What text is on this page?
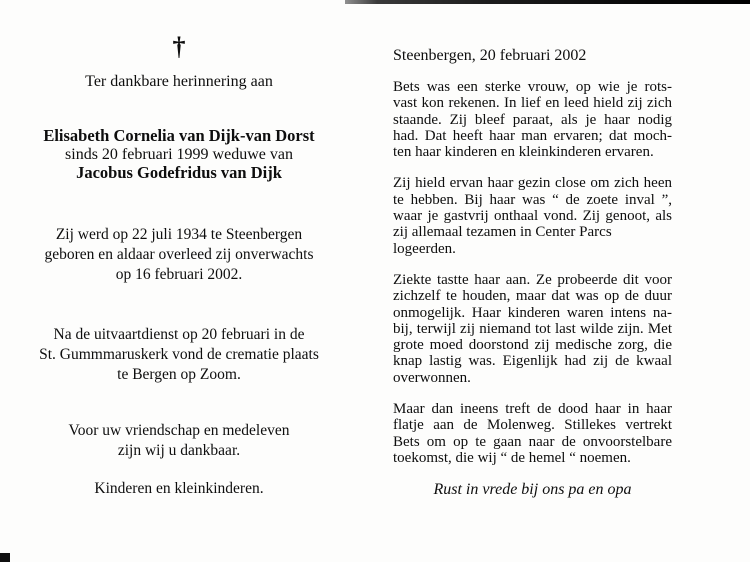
†
Ter dankbare herinnering aan
Elisabeth Cornelia van Dijk-van Dorst
sinds 20 februari 1999 weduwe van
Jacobus Godefridus van Dijk
Zij werd op 22 juli 1934 te Steenbergen
geboren en aldaar overleed zij onverwachts
op 16 februari 2002.
Na de uitvaartdienst op 20 februari in de
St. Gummmaruskerk vond de crematie plaats
te Bergen op Zoom.
Voor uw vriendschap en medeleven
zijn wij u dankbaar.
Kinderen en kleinkinderen.
Steenbergen, 20 februari 2002
Bets was een sterke vrouw, op wie je rots-
vast kon rekenen. In lief en leed hield zij zich
staande. Zij bleef paraat, als je haar nodig
had. Dat heeft haar man ervaren; dat moch-
ten haar kinderen en kleinkinderen ervaren.
Zij hield ervan haar gezin close om zich heen
te hebben. Bij haar was “ de zoete inval ”,
waar je gastvrij onthaal vond. Zij genoot, als
zij allemaal tezamen in Center Parcs
logeerden.
Ziekte tastte haar aan. Ze probeerde dit voor
zichzelf te houden, maar dat was op de duur
onmogelijk. Haar kinderen waren intens na-
bij, terwijl zij niemand tot last wilde zijn. Met
grote moed doorstond zij medische zorg, die
knap lastig was. Eigenlijk had zij de kwaal
overwonnen.
Maar dan ineens treft de dood haar in haar
flatje aan de Molenweg. Stillekes vertrekt
Bets om op te gaan naar de onvoorstelbare
toekomst, die wij “ de hemel “ noemen.
Rust in vrede bij ons pa en opa
